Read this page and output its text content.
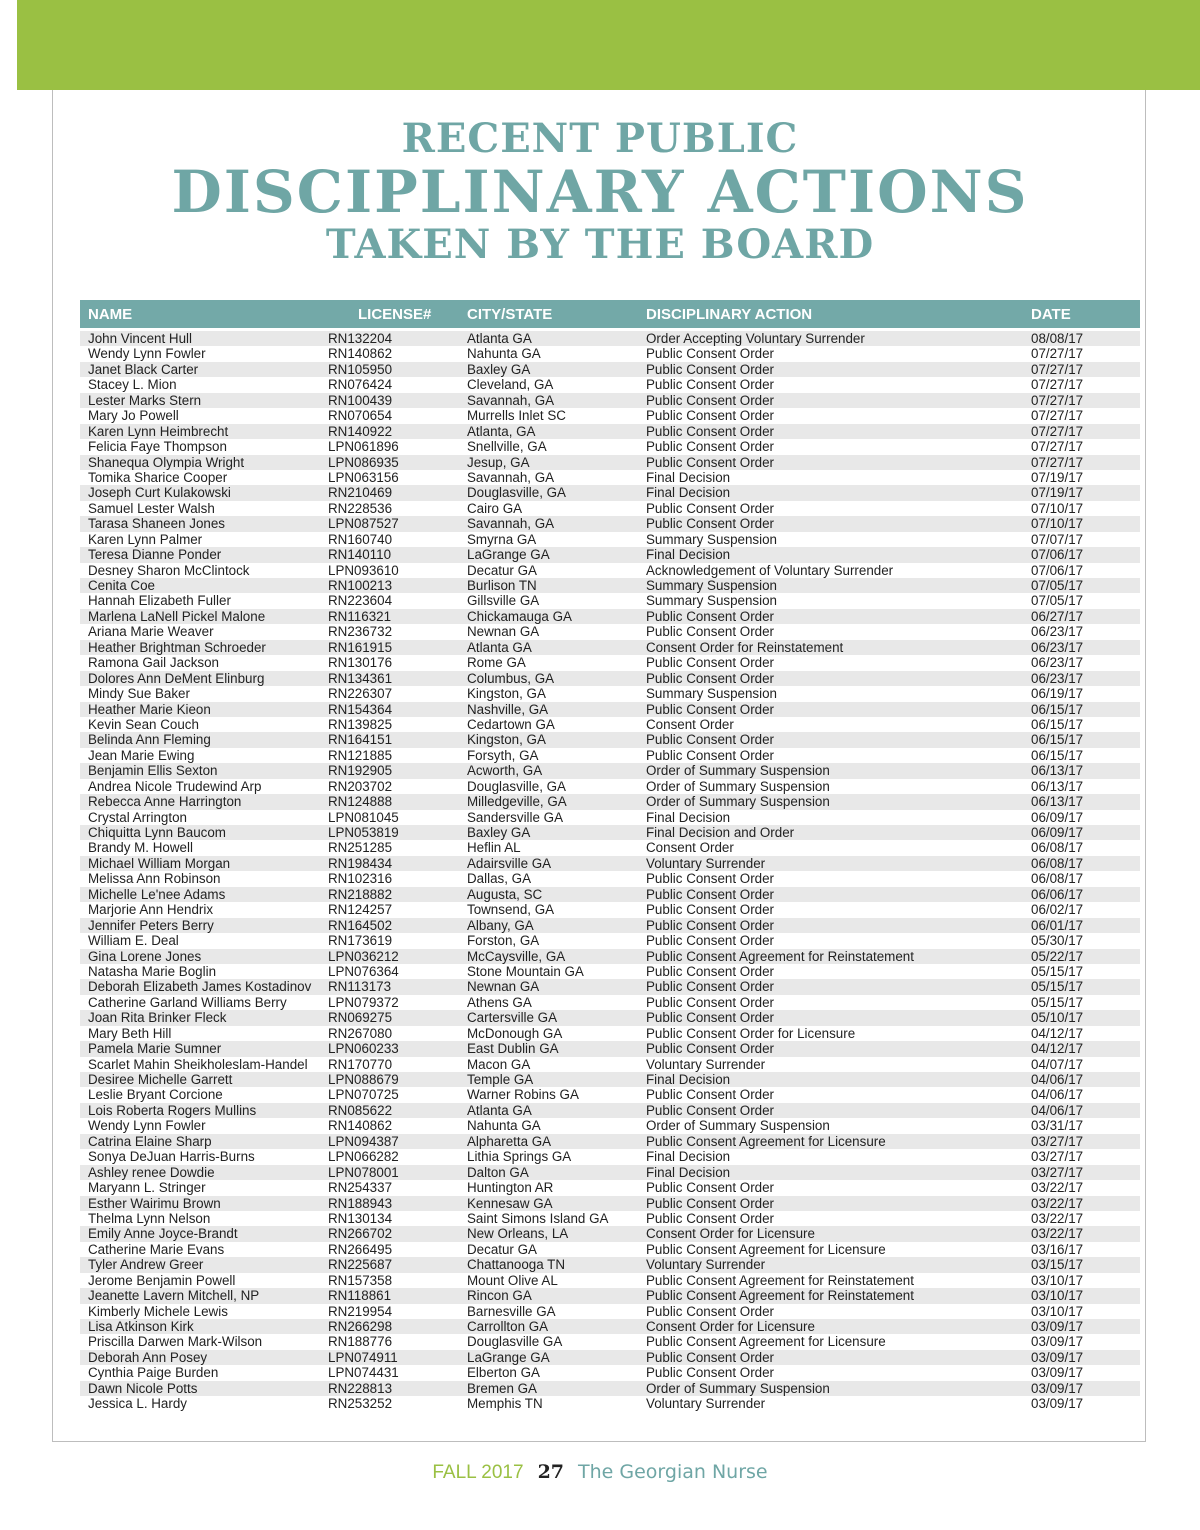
RECENT PUBLIC
DISCIPLINARY ACTIONS
TAKEN BY THE BOARD
NAME	LICENSE# CITY/STATE	DISCIPLINARY ACTION	DATE
John Vincent Hull	RN132204	Atlanta GA	Order Accepting Voluntary Surrender	08/08/17
Wendy Lynn Fowler	RN140862	Nahunta GA	Public Consent Order	07/27/17
Janet Black Carter	RN105950	Baxley GA	Public Consent Order	07/27/17
Stacey L. Mion	RN076424	Cleveland, GA	Public Consent Order	07/27/17
Lester Marks Stern	RN100439	Savannah, GA	Public Consent Order	07/27/17
Mary Jo Powell	RN070654	Murrells Inlet SC	Public Consent Order	07/27/17
Karen Lynn Heimbrecht	RN140922	Atlanta, GA	Public Consent Order	07/27/17
Felicia Faye Thompson	LPN061896	Snellville, GA	Public Consent Order	07/27/17
Shanequa Olympia Wright	LPN086935	Jesup, GA	Public Consent Order	07/27/17
Tomika Sharice Cooper	LPN063156	Savannah, GA	Final Decision	07/19/17
Joseph Curt Kulakowski	RN210469	Douglasville, GA	Final Decision	07/19/17
Samuel Lester Walsh	RN228536	Cairo GA	Public Consent Order	07/10/17
Tarasa Shaneen Jones	LPN087527	Savannah, GA	Public Consent Order	07/10/17
Karen Lynn Palmer	RN160740	Smyrna GA	Summary Suspension	07/07/17
Teresa Dianne Ponder	RN140110	LaGrange GA	Final Decision	07/06/17
Desney Sharon McClintock	LPN093610	Decatur GA	Acknowledgement of Voluntary Surrender	07/06/17
Cenita Coe	RN100213	Burlison TN	Summary Suspension	07/05/17
Hannah Elizabeth Fuller	RN223604	Gillsville GA	Summary Suspension	07/05/17
Marlena LaNell Pickel Malone	RN116321	Chickamauga GA	Public Consent Order	06/27/17
Ariana Marie Weaver	RN236732	Newnan GA	Public Consent Order	06/23/17
Heather Brightman Schroeder	RN161915	Atlanta GA	Consent Order for Reinstatement	06/23/17
Ramona Gail Jackson	RN130176	Rome GA	Public Consent Order	06/23/17
Dolores Ann DeMent Elinburg	RN134361	Columbus, GA	Public Consent Order	06/23/17
Mindy Sue Baker	RN226307	Kingston, GA	Summary Suspension	06/19/17
Heather Marie Kieon	RN154364	Nashville, GA	Public Consent Order	06/15/17
Kevin Sean Couch	RN139825	Cedartown GA	Consent Order	06/15/17
Belinda Ann Fleming	RN164151	Kingston, GA	Public Consent Order	06/15/17
Jean Marie Ewing	RN121885	Forsyth, GA	Public Consent Order	06/15/17
Benjamin Ellis Sexton	RN192905	Acworth, GA	Order of Summary Suspension	06/13/17
Andrea Nicole Trudewind Arp	RN203702	Douglasville, GA	Order of Summary Suspension	06/13/17
Rebecca Anne Harrington	RN124888	Milledgeville, GA	Order of Summary Suspension	06/13/17
Crystal Arrington	LPN081045	Sandersville GA	Final Decision	06/09/17
Chiquitta Lynn Baucom	LPN053819	Baxley GA	Final Decision and Order	06/09/17
Brandy M. Howell	RN251285	Heflin AL	Consent Order	06/08/17
Michael William Morgan	RN198434	Adairsville GA	Voluntary Surrender	06/08/17
Melissa Ann Robinson	RN102316	Dallas, GA	Public Consent Order	06/08/17
Michelle Le'nee Adams	RN218882	Augusta, SC	Public Consent Order	06/06/17
Marjorie Ann Hendrix	RN124257	Townsend, GA	Public Consent Order	06/02/17
Jennifer Peters Berry	RN164502	Albany, GA	Public Consent Order	06/01/17
William E. Deal	RN173619	Forston, GA	Public Consent Order	05/30/17
Gina Lorene Jones	LPN036212	McCaysville, GA	Public Consent Agreement for Reinstatement	05/22/17
Natasha Marie Boglin	LPN076364	Stone Mountain GA	Public Consent Order	05/15/17
Deborah Elizabeth James Kostadinov RN113173	Newnan GA	Public Consent Order	05/15/17
Catherine Garland Williams Berry	LPN079372	Athens GA	Public Consent Order	05/15/17
Joan Rita Brinker Fleck	RN069275	Cartersville GA	Public Consent Order	05/10/17
Mary Beth Hill	RN267080	McDonough GA	Public Consent Order for Licensure	04/12/17
Pamela Marie Sumner	LPN060233	East Dublin GA	Public Consent Order	04/12/17
Scarlet Mahin Sheikholeslam-Handel RN170770	Macon GA	Voluntary Surrender	04/07/17
Desiree Michelle Garrett	LPN088679	Temple GA	Final Decision	04/06/17
Leslie Bryant Corcione	LPN070725	Warner Robins GA	Public Consent Order	04/06/17
Lois Roberta Rogers Mullins	RN085622	Atlanta GA	Public Consent Order	04/06/17
Wendy Lynn Fowler	RN140862	Nahunta GA	Order of Summary Suspension	03/31/17
Catrina Elaine Sharp	LPN094387	Alpharetta GA	Public Consent Agreement for Licensure	03/27/17
Sonya DeJuan Harris-Burns	LPN066282	Lithia Springs GA	Final Decision	03/27/17
Ashley renee Dowdie	LPN078001	Dalton GA	Final Decision	03/27/17
Maryann L. Stringer	RN254337	Huntington AR	Public Consent Order	03/22/17
Esther Wairimu Brown	RN188943	Kennesaw GA	Public Consent Order	03/22/17
Thelma Lynn Nelson	RN130134	Saint Simons Island GA	Public Consent Order	03/22/17
Emily Anne Joyce-Brandt	RN266702	New Orleans, LA	Consent Order for Licensure	03/22/17
Catherine Marie Evans	RN266495	Decatur GA	Public Consent Agreement for Licensure	03/16/17
Tyler Andrew Greer	RN225687	Chattanooga TN	Voluntary Surrender	03/15/17
Jerome Benjamin Powell	RN157358	Mount Olive AL	Public Consent Agreement for Reinstatement	03/10/17
Jeanette Lavern Mitchell, NP	RN118861	Rincon GA	Public Consent Agreement for Reinstatement	03/10/17
Kimberly Michele Lewis	RN219954	Barnesville GA	Public Consent Order	03/10/17
Lisa Atkinson Kirk	RN266298	Carrollton GA	Consent Order for Licensure	03/09/17
Priscilla Darwen Mark-Wilson	RN188776	Douglasville GA	Public Consent Agreement for Licensure	03/09/17
Deborah Ann Posey	LPN074911	LaGrange GA	Public Consent Order	03/09/17
Cynthia Paige Burden	LPN074431	Elberton GA	Public Consent Order	03/09/17
Dawn Nicole Potts	RN228813	Bremen GA	Order of Summary Suspension	03/09/17
Jessica L. Hardy	RN253252	Memphis TN	Voluntary Surrender	03/09/17
FALL 2017 27 The Georgian Nurse
